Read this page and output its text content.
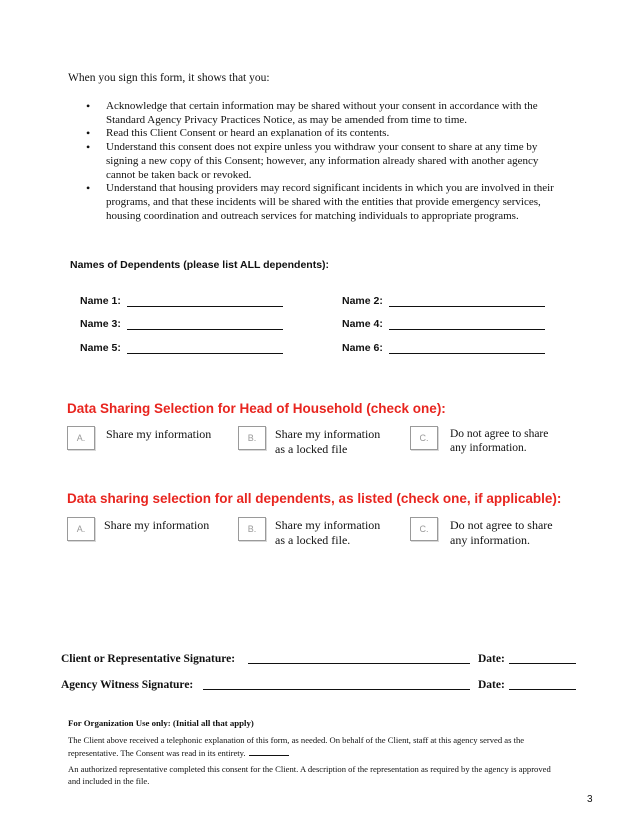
When you sign this form, it shows that you:
• Acknowledge that certain information may be shared without your consent in accordance with the Standard Agency Privacy Practices Notice, as may be amended from time to time.
• Read this Client Consent or heard an explanation of its contents.
• Understand this consent does not expire unless you withdraw your consent to share at any time by signing a new copy of this Consent; however, any information already shared with another agency cannot be taken back or revoked.
• Understand that housing providers may record significant incidents in which you are involved in their programs, and that these incidents will be shared with the entities that provide emergency services, housing coordination and outreach services for matching individuals to appropriate programs.
Names of Dependents (please list ALL dependents):
Name 1:	Name 2:
Name 3:	Name 4:
Name 5:	Name 6:
Data Sharing Selection for Head of Household (check one):
A. Share my information	B. Share my information
as a locked file
C. Do not agree to share
any information.
Data sharing selection for all dependents, as listed (check one, if applicable):
A. Share my information	B. Share my information
as a locked file.
C. Do not agree to share
any information.
Client or Representative Signature:	Date:
Agency Witness Signature:	Date:
For Organization Use only: (Initial all that apply)
The Client above received a telephonic explanation of this form, as needed. On behalf of the Client, staff at this agency served as the representative. The Consent was read in its entirety.
An authorized representative completed this consent for the Client. A description of the representation as required by the agency is approved and included in the file.
3
